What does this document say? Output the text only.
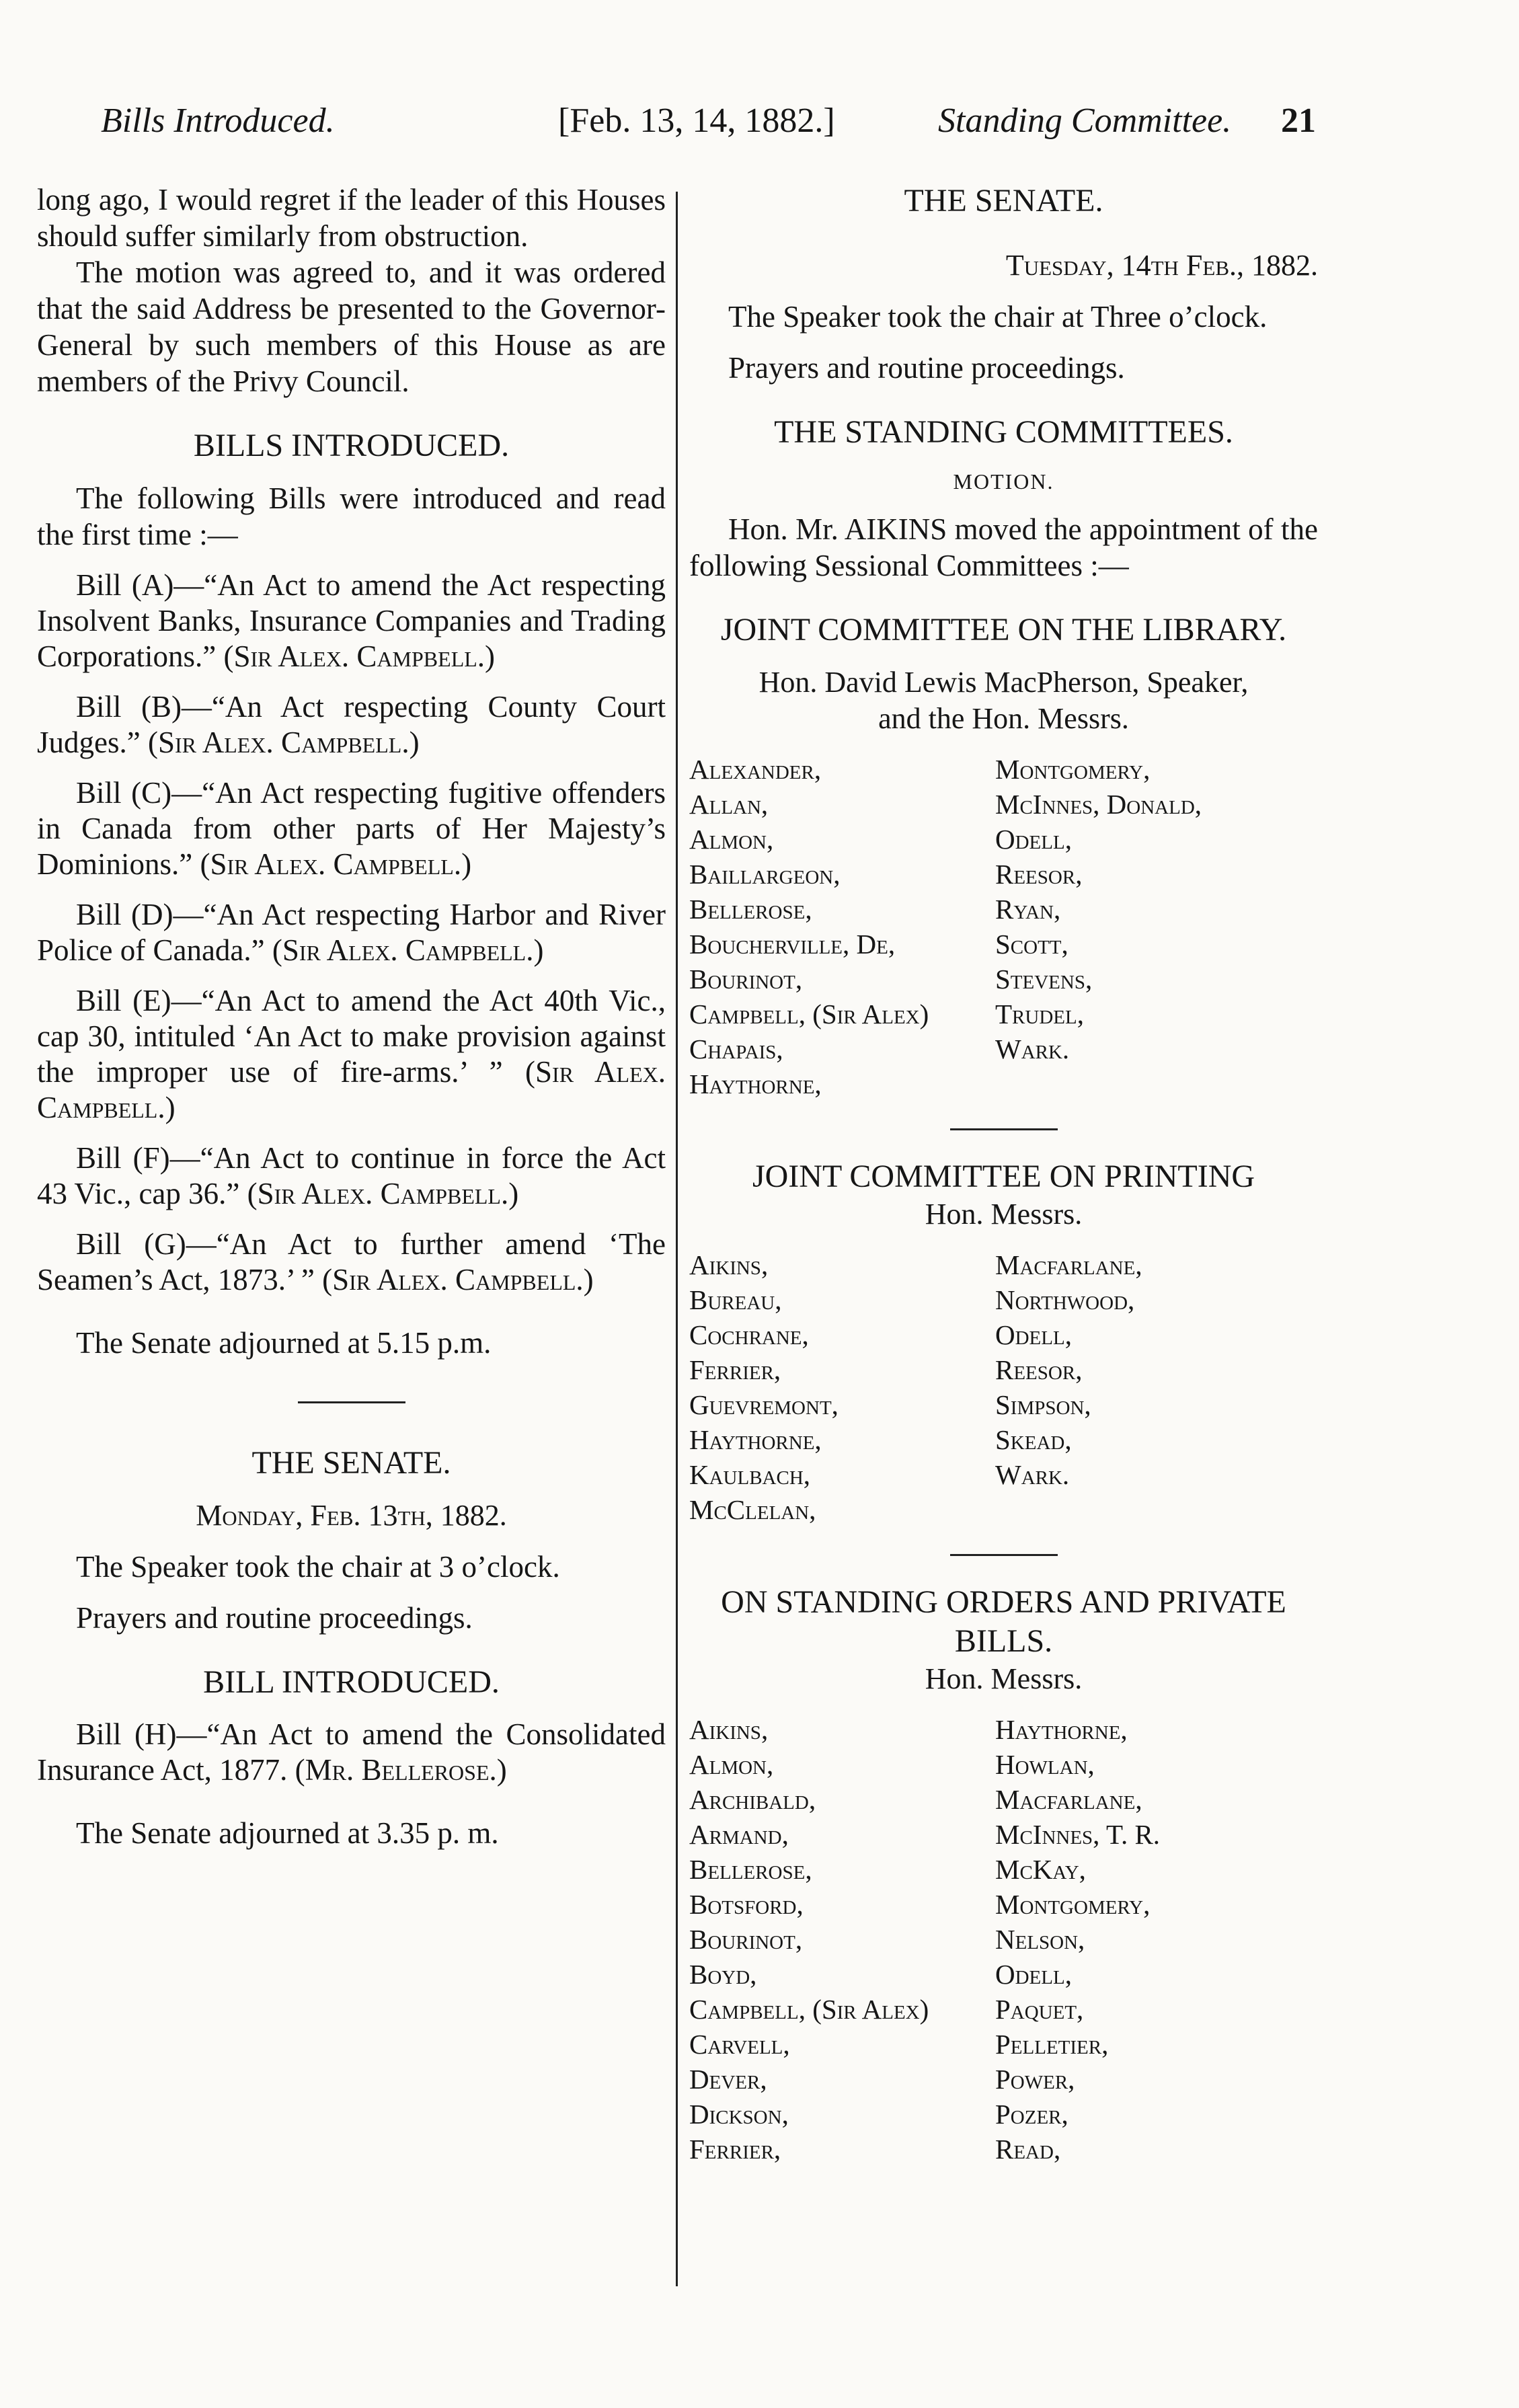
Bills Introduced.	[Feb. 13, 14, 1882.]	Standing Committee. 21

long ago, I would regret if the leader of this Houses should suffer similarly from obstruction.

The motion was agreed to, and it was ordered that the said Address be presented to the Governor-General by such members of this House as are members of the Privy Council.

BILLS INTRODUCED.

The following Bills were introduced and read the first time :—

Bill (A)—“An Act to amend the Act respecting Insolvent Banks, Insurance Companies and Trading Corporations.” (Sir Alex. Campbell.)

Bill (B)—“An Act respecting County Court Judges.” (Sir Alex. Campbell.)

Bill (C)—“An Act respecting fugitive offenders in Canada from other parts of Her Majesty’s Dominions.” (Sir Alex. Campbell.)

Bill (D)—“An Act respecting Harbor and River Police of Canada.” (Sir Alex. Campbell.)

Bill (E)—“An Act to amend the Act 40th Vic., cap 30, intituled ‘An Act to make provision against the improper use of fire-arms.’ ” (Sir Alex. Campbell.)

Bill (F)—“An Act to continue in force the Act 43 Vic., cap 36.” (Sir Alex. Campbell.)

Bill (G)—“An Act to further amend ‘The Seamen’s Act, 1873.’ ” (Sir Alex. Campbell.)

The Senate adjourned at 5.15 p.m.

THE SENATE.

Monday, Feb. 13th, 1882.

The Speaker took the chair at 3 o’clock.

Prayers and routine proceedings.

BILL INTRODUCED.

Bill (H)—“An Act to amend the Consolidated Insurance Act, 1877. (Mr. Bellerose.)

The Senate adjourned at 3.35 p. m.

THE SENATE.

Tuesday, 14th Feb., 1882.

The Speaker took the chair at Three o’clock.

Prayers and routine proceedings.

THE STANDING COMMITTEES.

MOTION.

Hon. Mr. AIKINS moved the appointment of the following Sessional Committees :—

JOINT COMMITTEE ON THE LIBRARY.

Hon. David Lewis MacPherson, Speaker,

and the Hon. Messrs.

Alexander,	Montgomery,
Allan,	McInnes, Donald,
Almon,	Odell,
Baillargeon,	Reesor,
Bellerose,	Ryan,
Boucherville, De,	Scott,
Bourinot,	Stevens,
Campbell, (Sir Alex)	Trudel,
Chapais,	Wark.
Haythorne,

JOINT COMMITTEE ON PRINTING

Hon. Messrs.

Aikins,	Macfarlane,
Bureau,	Northwood,
Cochrane,	Odell,
Ferrier,	Reesor,
Guevremont,	Simpson,
Haythorne,	Skead,
Kaulbach,	Wark.
McClelan,

ON STANDING ORDERS AND PRIVATE BILLS.

Hon. Messrs.

Aikins,	Haythorne,
Almon,	Howlan,
Archibald,	Macfarlane,
Armand,	McInnes, T. R.
Bellerose,	McKay,
Botsford,	Montgomery,
Bourinot,	Nelson,
Boyd,	Odell,
Campbell, (Sir Alex)	Paquet,
Carvell,	Pelletier,
Dever,	Power,
Dickson,	Pozer,
Ferrier,	Read,
